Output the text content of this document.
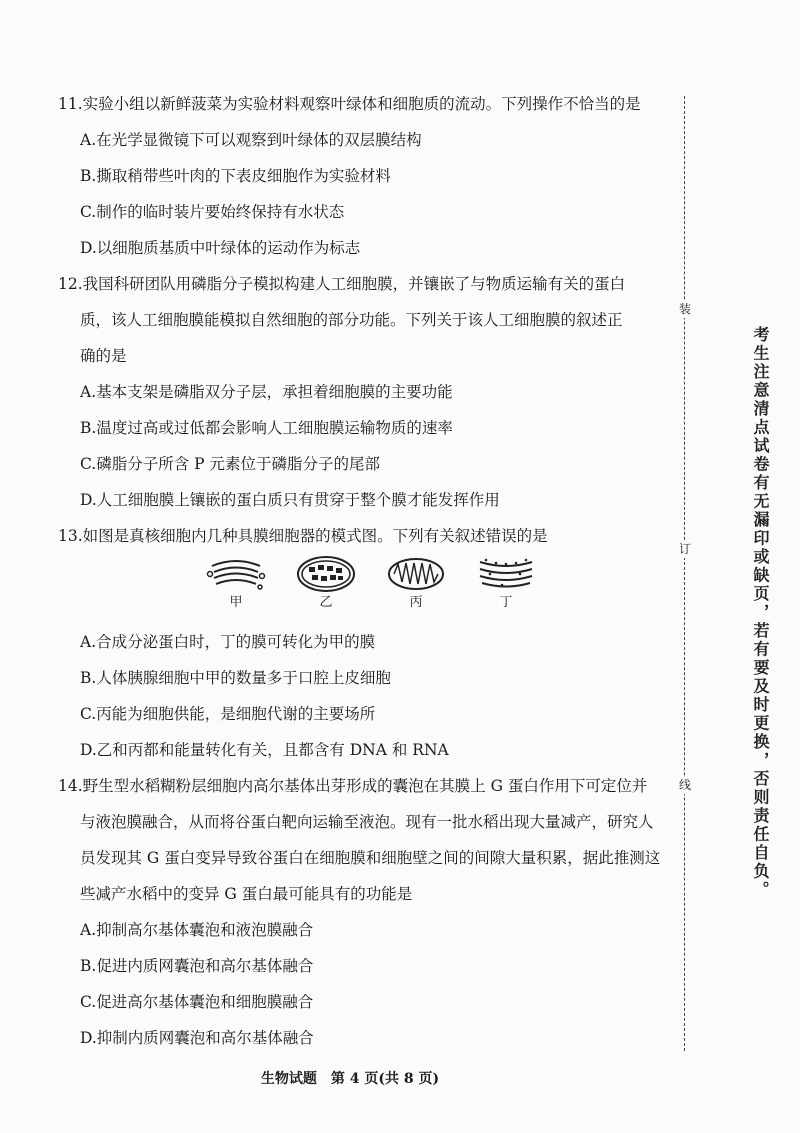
11.实验小组以新鲜菠菜为实验材料观察叶绿体和细胞质的流动。下列操作不恰当的是
A.在光学显微镜下可以观察到叶绿体的双层膜结构
B.撕取稍带些叶肉的下表皮细胞作为实验材料
C.制作的临时装片要始终保持有水状态
D.以细胞质基质中叶绿体的运动作为标志
12.我国科研团队用磷脂分子模拟构建人工细胞膜，并镶嵌了与物质运输有关的蛋白
质，该人工细胞膜能模拟自然细胞的部分功能。下列关于该人工细胞膜的叙述正
确的是
A.基本支架是磷脂双分子层，承担着细胞膜的主要功能
B.温度过高或过低都会影响人工细胞膜运输物质的速率
C.磷脂分子所含 P 元素位于磷脂分子的尾部
D.人工细胞膜上镶嵌的蛋白质只有贯穿于整个膜才能发挥作用
13.如图是真核细胞内几种具膜细胞器的模式图。下列有关叙述错误的是
甲	乙	丙	丁
A.合成分泌蛋白时，丁的膜可转化为甲的膜
B.人体胰腺细胞中甲的数量多于口腔上皮细胞
C.丙能为细胞供能，是细胞代谢的主要场所
D.乙和丙都和能量转化有关，且都含有 DNA 和 RNA
14.野生型水稻糊粉层细胞内高尔基体出芽形成的囊泡在其膜上 G 蛋白作用下可定位并
与液泡膜融合，从而将谷蛋白靶向运输至液泡。现有一批水稻出现大量减产，研究人
员发现其 G 蛋白变异导致谷蛋白在细胞膜和细胞壁之间的间隙大量积累，据此推测这
些减产水稻中的变异 G 蛋白最可能具有的功能是
A.抑制高尔基体囊泡和液泡膜融合
B.促进内质网囊泡和高尔基体融合
C.促进高尔基体囊泡和细胞膜融合
D.抑制内质网囊泡和高尔基体融合
装
订
线	考生注意清点试卷有无漏印或缺页，若有要及时更换，否则责任自负。
生物试题　第 4 页(共 8 页)
